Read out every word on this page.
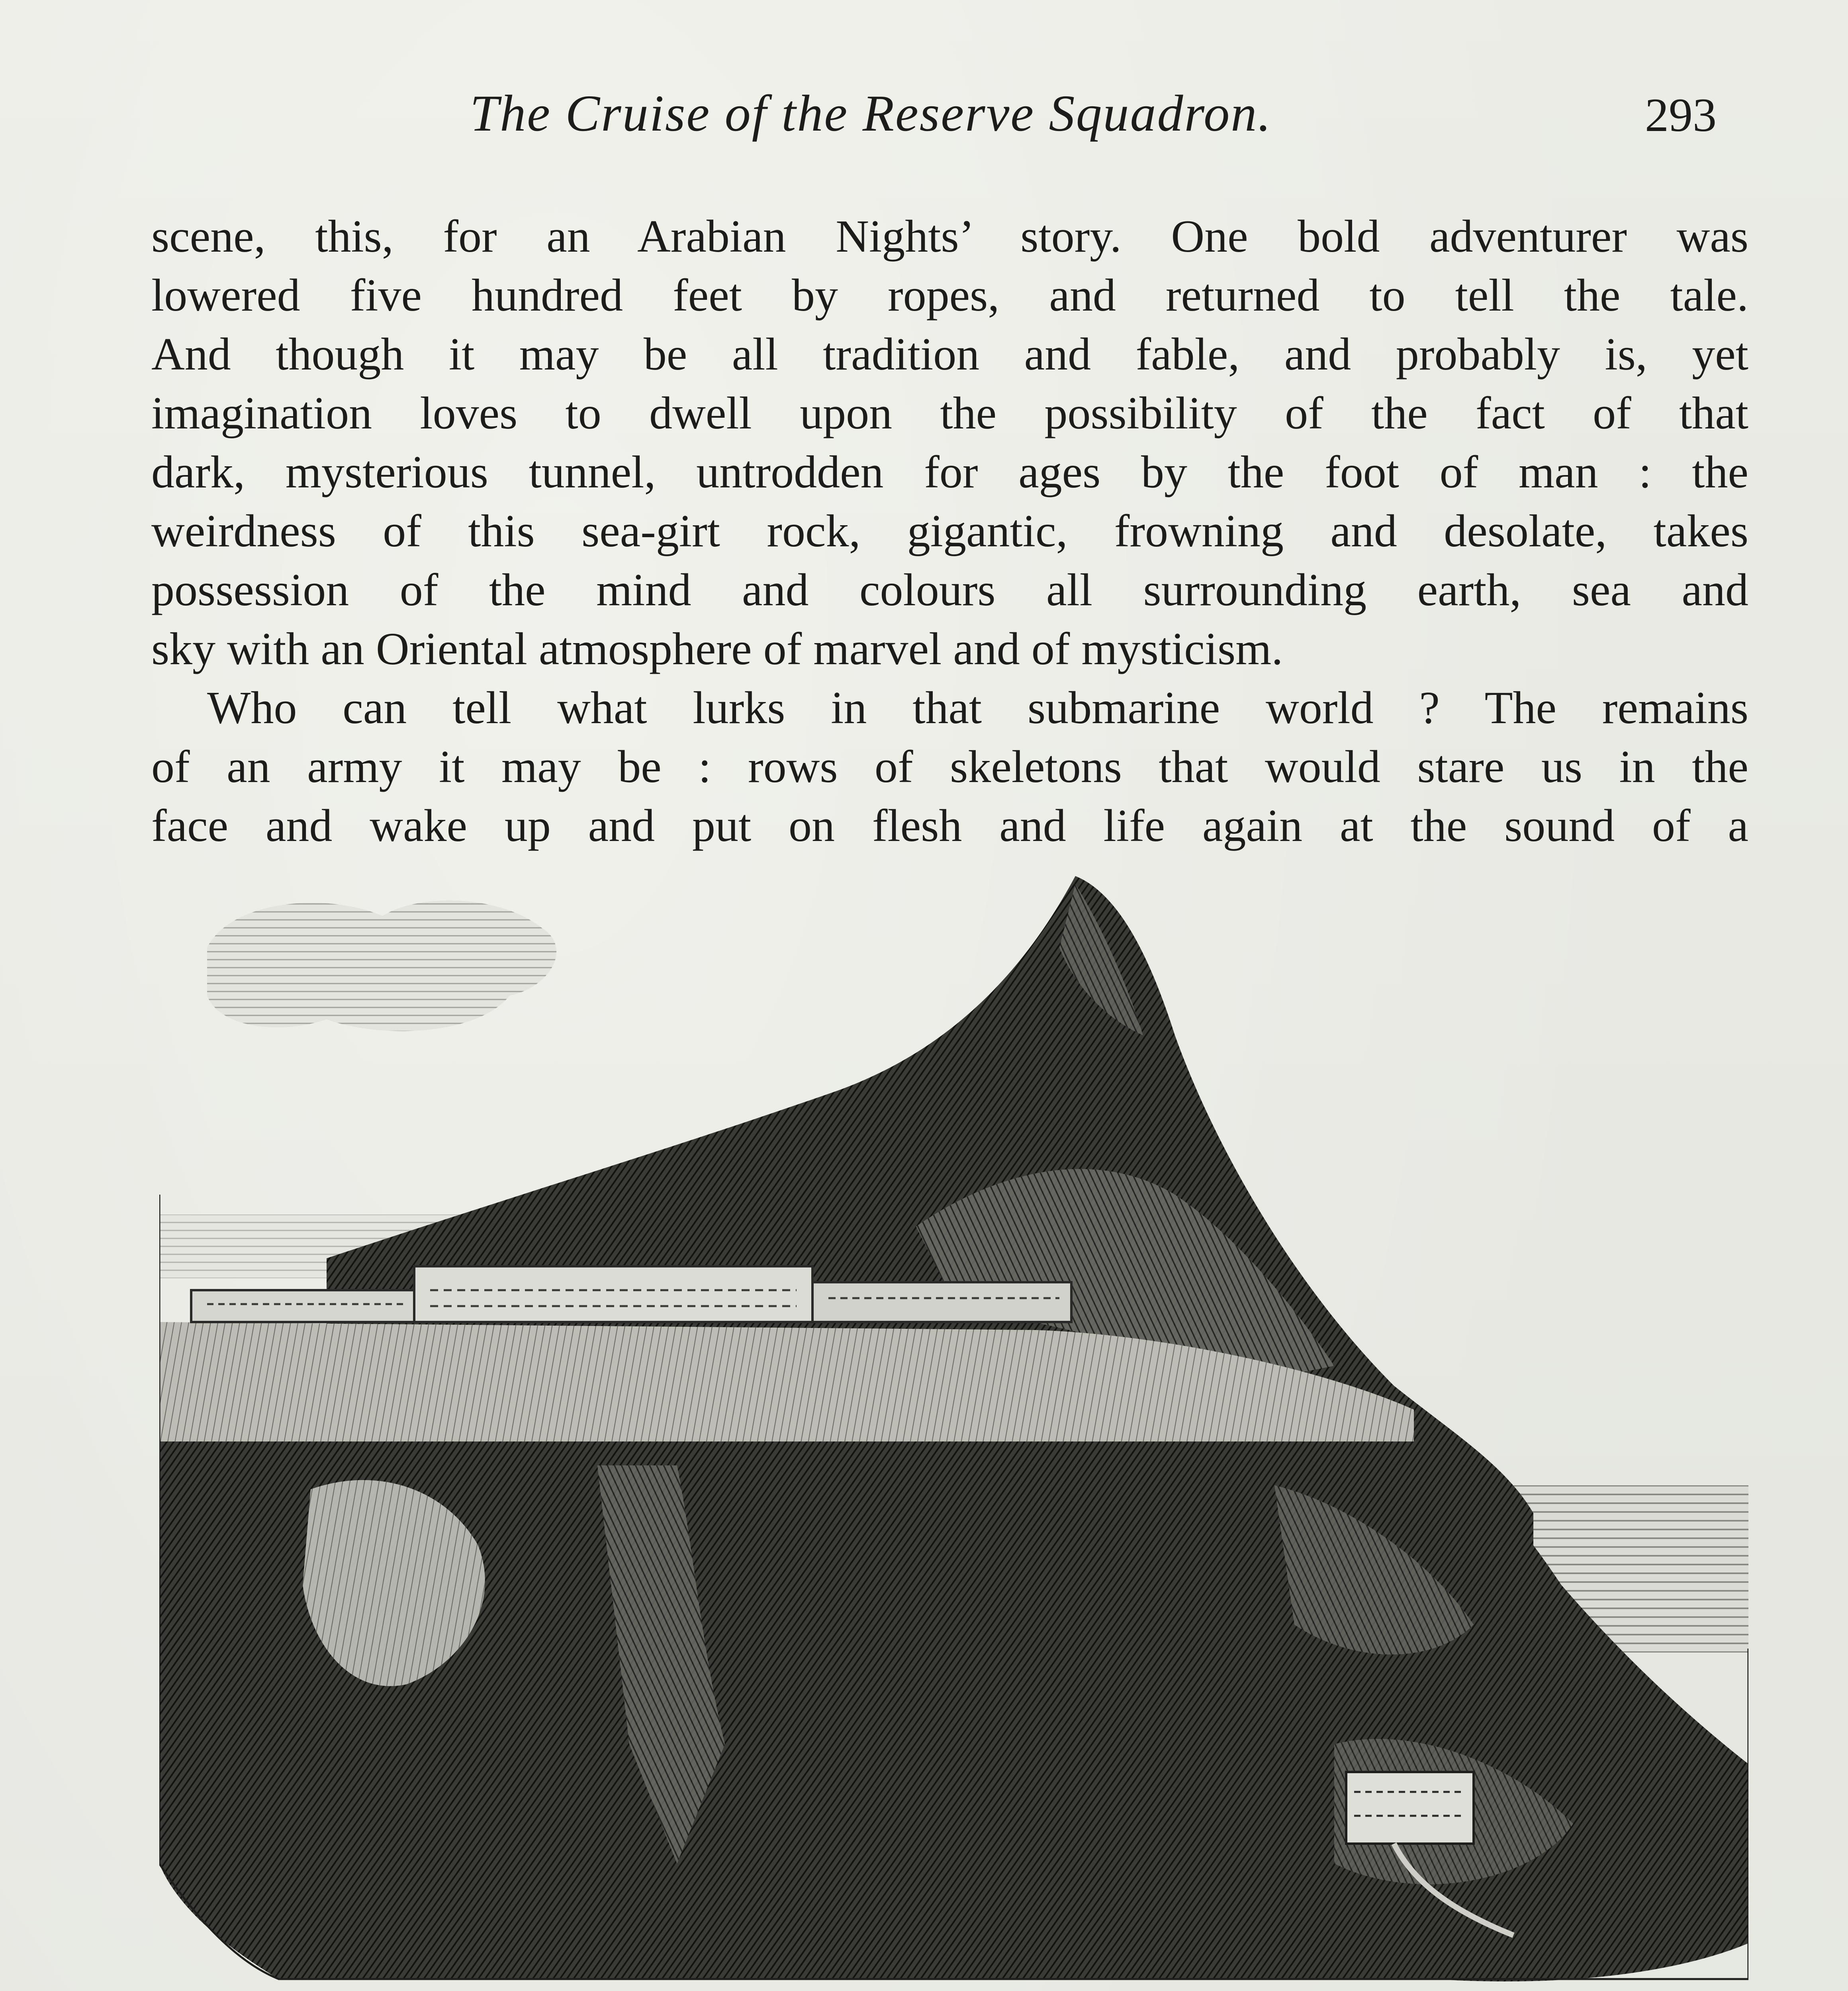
The Cruise of the Reserve Squadron.	293
scene, this, for an Arabian Nights’ story. One bold adventurer was
lowered five hundred feet by ropes, and returned to tell the tale.
And though it may be all tradition and fable, and probably is, yet
imagination loves to dwell upon the possibility of the fact of that
dark, mysterious tunnel, untrodden for ages by the foot of man : the
weirdness of this sea-girt rock, gigantic, frowning and desolate, takes
possession of the mind and colours all surrounding earth, sea and
sky with an Oriental atmosphere of marvel and of mysticism.
Who can tell what lurks in that submarine world ? The remains
of an army it may be : rows of skeletons that would stare us in the
face and wake up and put on flesh and life again at the sound of a
